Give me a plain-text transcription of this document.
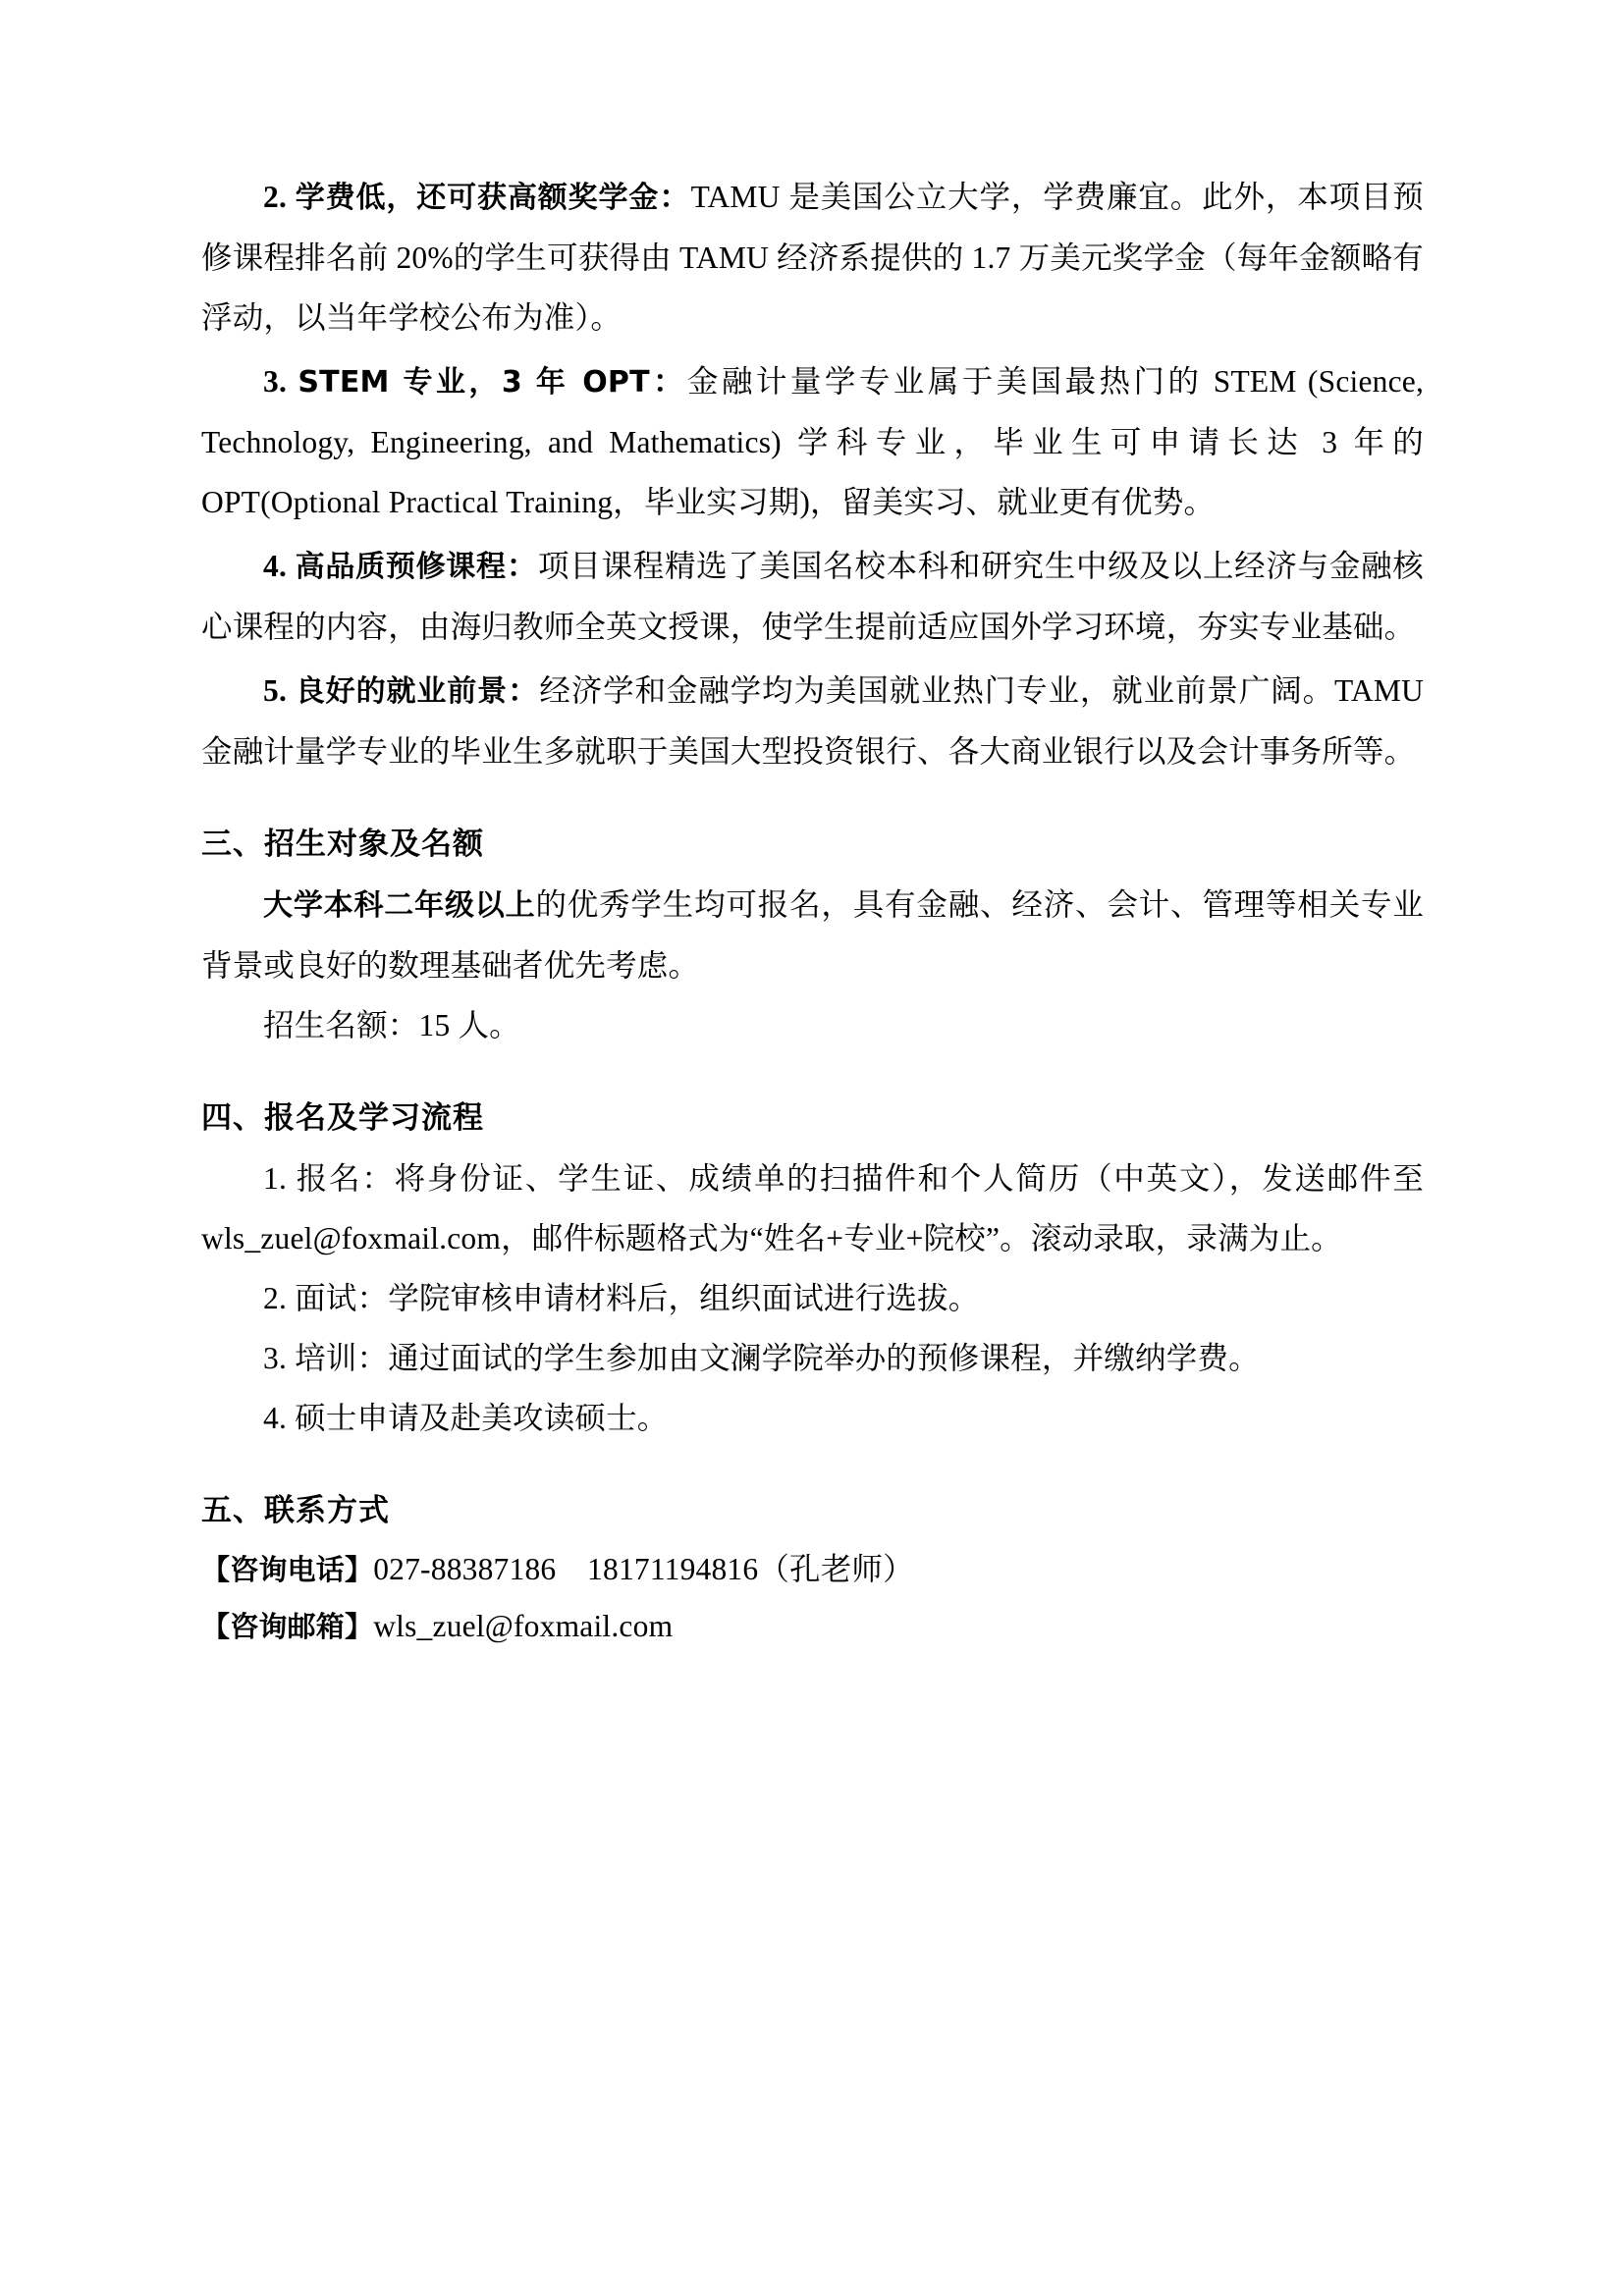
2. 学费低，还可获高额奖学金：TAMU 是美国公立大学，学费廉宜。此外，本项目预修课程排名前 20%的学生可获得由 TAMU 经济系提供的 1.7 万美元奖学金（每年金额略有浮动，以当年学校公布为准）。

3. STEM 专业，3 年 OPT：金融计量学专业属于美国最热门的 STEM (Science, Technology, Engineering, and Mathematics) 学科专业，毕业生可申请长达 3 年的 OPT(Optional Practical Training，毕业实习期)，留美实习、就业更有优势。

4. 高品质预修课程：项目课程精选了美国名校本科和研究生中级及以上经济与金融核心课程的内容，由海归教师全英文授课，使学生提前适应国外学习环境，夯实专业基础。

5. 良好的就业前景：经济学和金融学均为美国就业热门专业，就业前景广阔。TAMU 金融计量学专业的毕业生多就职于美国大型投资银行、各大商业银行以及会计事务所等。

三、招生对象及名额

大学本科二年级以上的优秀学生均可报名，具有金融、经济、会计、管理等相关专业背景或良好的数理基础者优先考虑。

招生名额：15 人。

四、报名及学习流程

1. 报名：将身份证、学生证、成绩单的扫描件和个人简历（中英文），发送邮件至 wls_zuel@foxmail.com，邮件标题格式为“姓名+专业+院校”。滚动录取，录满为止。

2. 面试：学院审核申请材料后，组织面试进行选拔。

3. 培训：通过面试的学生参加由文澜学院举办的预修课程，并缴纳学费。

4. 硕士申请及赴美攻读硕士。

五、联系方式

【咨询电话】027-88387186　 18171194816（孔老师）

【咨询邮箱】wls_zuel@foxmail.com
